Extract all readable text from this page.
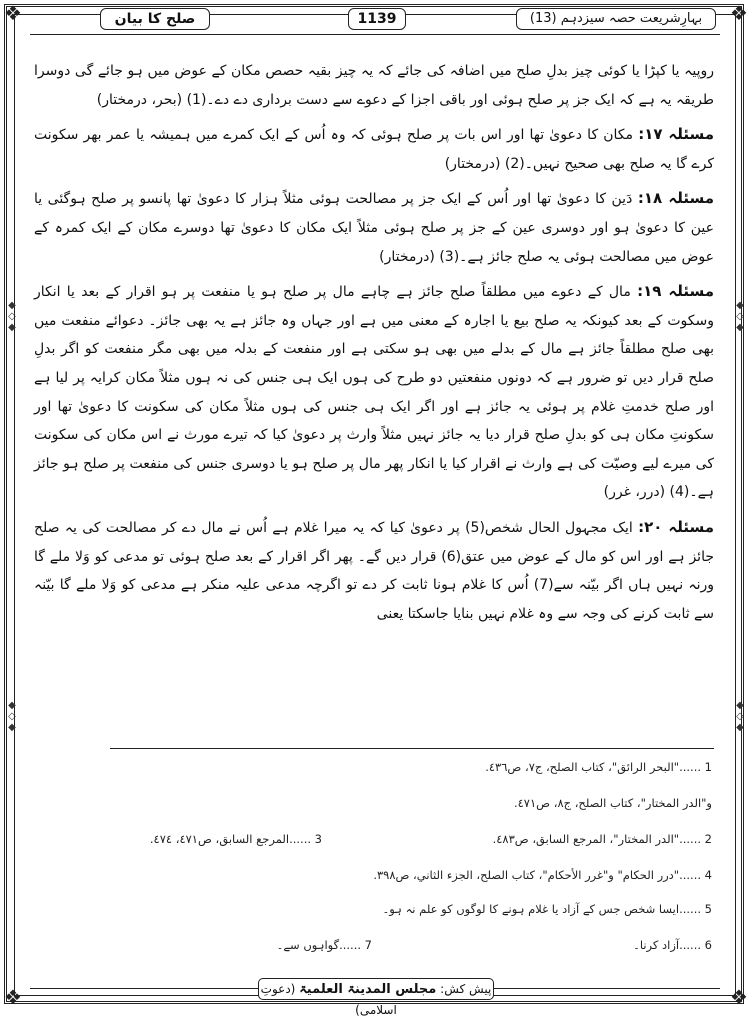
❖	❖
❖	❖
◆
◇
◆
◆
◇
◆
◆
◇
◆
◆
◇
◆
صلح کا بیان	1139	بہارِشریعت حصہ سیزدہم (13)

روپیہ یا کپڑا یا کوئی چیز بدلِ صلح میں اضافہ کی جائے کہ یہ چیز بقیہ حصص مکان کے عوض میں ہو جائے گی دوسرا طریقہ یہ ہے کہ ایک جز پر صلح ہوئی اور باقی اجزا کے دعوے سے دست برداری دے دے۔(1) (بحر، درمختار)

مسئلہ ۱۷: مکان کا دعویٰ تھا اور اس بات پر صلح ہوئی کہ وہ اُس کے ایک کمرے میں ہمیشہ یا عمر بھر سکونت کرے گا یہ صلح بھی صحیح نہیں۔(2) (درمختار)

مسئلہ ۱۸: دَین کا دعویٰ تھا اور اُس کے ایک جز پر مصالحت ہوئی مثلاً ہزار کا دعویٰ تھا پانسو پر صلح ہوگئی یا عین کا دعویٰ ہو اور دوسری عین کے جز پر صلح ہوئی مثلاً ایک مکان کا دعویٰ تھا دوسرے مکان کے ایک کمرہ کے عوض میں مصالحت ہوئی یہ صلح جائز ہے۔(3) (درمختار)

مسئلہ ۱۹: مال کے دعوے میں مطلقاً صلح جائز ہے چاہے مال پر صلح ہو یا منفعت پر ہو اقرار کے بعد یا انکار وسکوت کے بعد کیونکہ یہ صلح بیع یا اجارہ کے معنی میں ہے اور جہاں وہ جائز ہے یہ بھی جائز۔ دعوائے منفعت میں بھی صلح مطلقاً جائز ہے مال کے بدلے میں بھی ہو سکتی ہے اور منفعت کے بدلہ میں بھی مگر منفعت کو اگر بدلِ صلح قرار دیں تو ضرور ہے کہ دونوں منفعتیں دو طرح کی ہوں ایک ہی جنس کی نہ ہوں مثلاً مکان کرایہ پر لیا ہے اور صلح خدمتِ غلام پر ہوئی یہ جائز ہے اور اگر ایک ہی جنس کی ہوں مثلاً مکان کی سکونت کا دعویٰ تھا اور سکونتِ مکان ہی کو بدلِ صلح قرار دیا یہ جائز نہیں مثلاً وارث پر دعویٰ کیا کہ تیرے مورث نے اس مکان کی سکونت کی میرے لیے وصیّت کی ہے وارث نے اقرار کیا یا انکار پھر مال پر صلح ہو یا دوسری جنس کی منفعت پر صلح ہو جائز ہے۔(4) (درر، غرر)

مسئلہ ۲۰: ایک مجہول الحال شخص(5) پر دعویٰ کیا کہ یہ میرا غلام ہے اُس نے مال دے کر مصالحت کی یہ صلح جائز ہے اور اس کو مال کے عوض میں عتق(6) قرار دیں گے۔ پھر اگر اقرار کے بعد صلح ہوئی تو مدعی کو وَلا ملے گا ورنہ نہیں ہاں اگر بیّنہ سے(7) اُس کا غلام ہونا ثابت کر دے تو اگرچہ مدعی علیہ منکر ہے مدعی کو وَلا ملے گا بیّنہ سے ثابت کرنے کی وجہ سے وہ غلام نہیں بنایا جاسکتا یعنی

1 ......"البحر الرائق"، كتاب الصلح، ج٧، ص٤٣٦.
و"الدر المختار"، كتاب الصلح، ج٨، ص٤٧١.
2 ......"الدر المختار"، المرجع السابق، ص٤٨٣.
3 ......المرجع السابق، ص٤٧١، ٤٧٤.
4 ......"درر الحكام" و"غرر الأحكام"، كتاب الصلح، الجزء الثاني، ص٣٩٨.
5 ......ایسا شخص جس کے آزاد یا غلام ہونے کا لوگوں کو علم نہ ہو۔
6 ......آزاد کرنا۔
7 ......گواہوں سے۔
پیش کش: مجلس المدینۃ العلمیۃ (دعوتِ اسلامی)
